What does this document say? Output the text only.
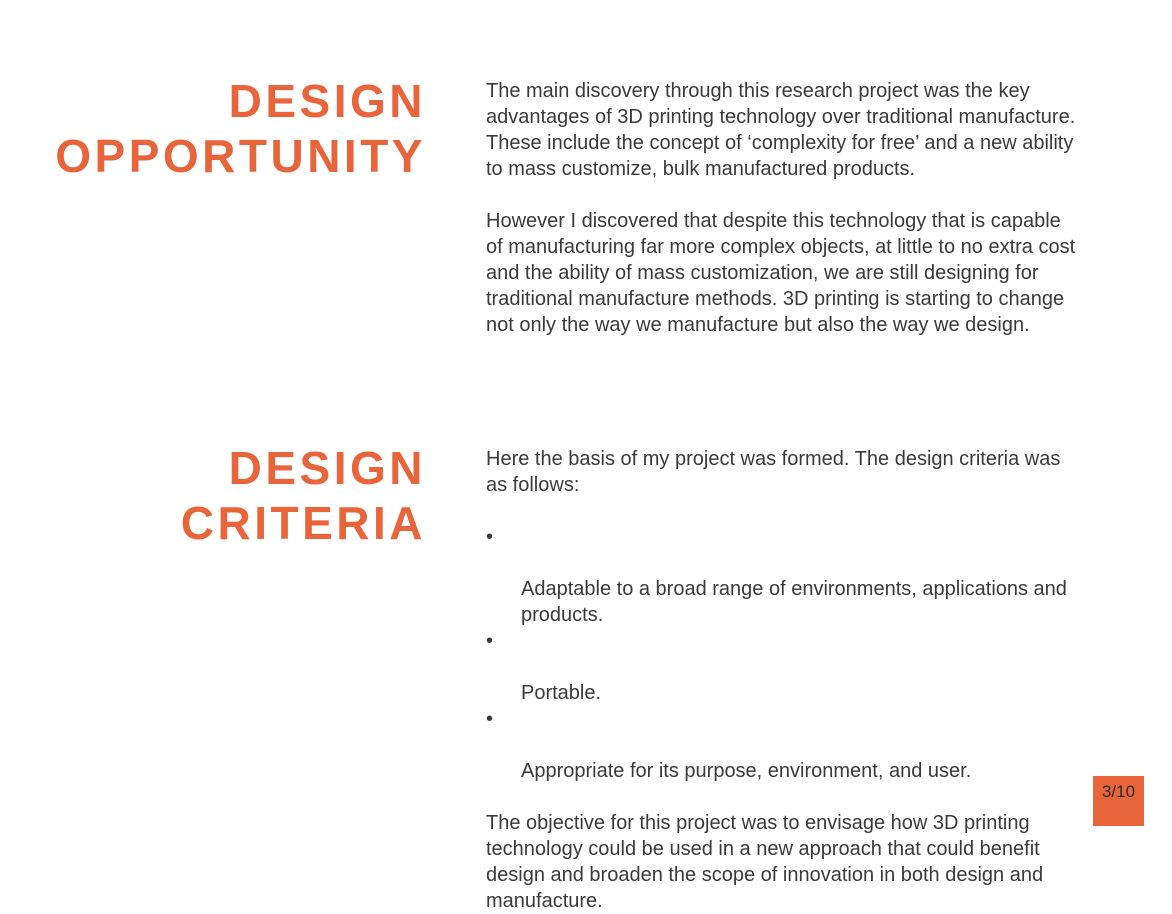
DESIGN
OPPORTUNITY

The main discovery through this research project was the key
advantages of 3D printing technology over traditional manufacture.
These include the concept of ‘complexity for free’ and a new ability
to mass customize, bulk manufactured products.

However I discovered that despite this technology that is capable
of manufacturing far more complex objects, at little to no extra cost
and the ability of mass customization, we are still designing for
traditional manufacture methods. 3D printing is starting to change
not only the way we manufacture but also the way we design.

DESIGN
CRITERIA

Here the basis of my project was formed. The design criteria was
as follows:

•

Adaptable to a broad range of environments, applications and
products.

•

Portable.

•

Appropriate for its purpose, environment, and user.

The objective for this project was to envisage how 3D printing
technology could be used in a new approach that could benefit
design and broaden the scope of innovation in both design and
manufacture.

3/10
